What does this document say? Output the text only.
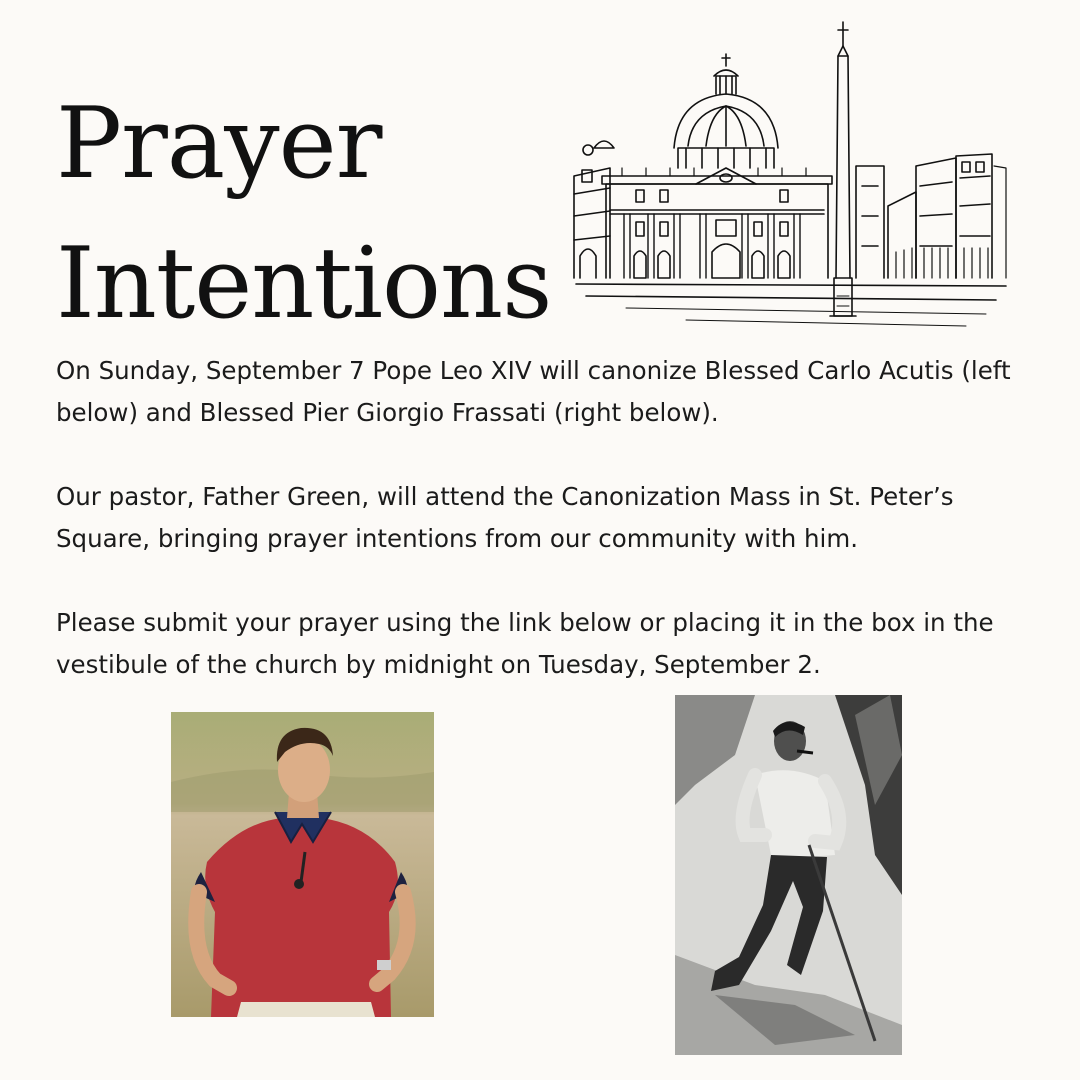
Prayer
Intentions

On Sunday, September 7 Pope Leo XIV will canonize Blessed Carlo Acutis (left below) and Blessed Pier Giorgio Frassati (right below).

Our pastor, Father Green, will attend the Canonization Mass in St. Peter’s Square, bringing prayer intentions from our community with him.

Please submit your prayer using the link below or placing it in the box in the vestibule of the church by midnight on Tuesday, September 2.
